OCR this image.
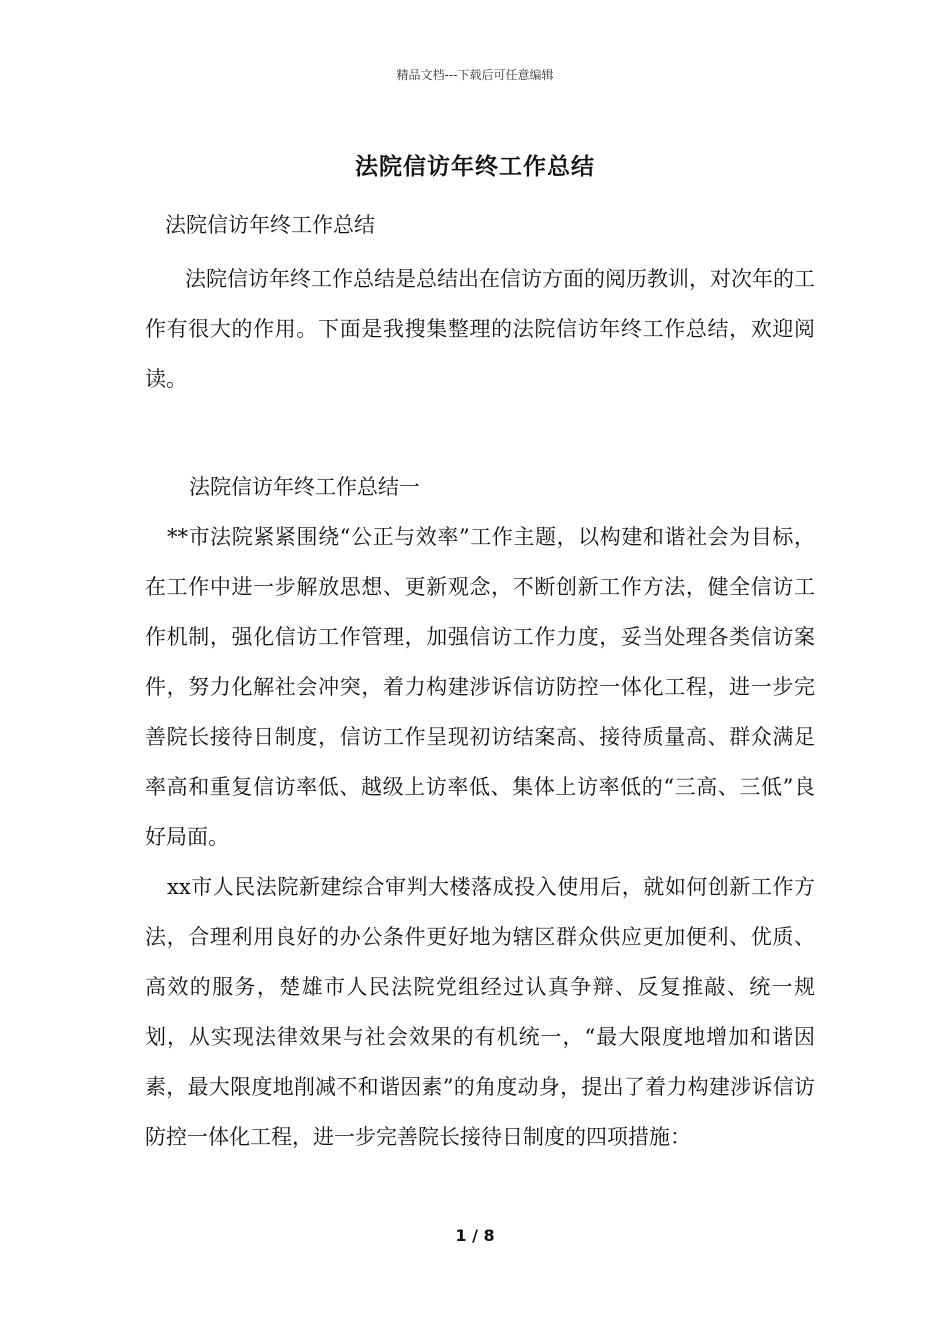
精品文档---下载后可任意编辑
法院信访年终工作总结

法院信访年终工作总结

法院信访年终工作总结是总结出在信访方面的阅历教训，对次年的工作有很大的作用。下面是我搜集整理的法院信访年终工作总结，欢迎阅读。

法院信访年终工作总结一

**市法院紧紧围绕“公正与效率”工作主题，以构建和谐社会为目标，在工作中进一步解放思想、更新观念，不断创新工作方法，健全信访工作机制，强化信访工作管理，加强信访工作力度，妥当处理各类信访案件，努力化解社会冲突，着力构建涉诉信访防控一体化工程，进一步完善院长接待日制度，信访工作呈现初访结案高、接待质量高、群众满足率高和重复信访率低、越级上访率低、集体上访率低的“三高、三低”良好局面。

xx市人民法院新建综合审判大楼落成投入使用后，就如何创新工作方法，合理利用良好的办公条件更好地为辖区群众供应更加便利、优质、高效的服务，楚雄市人民法院党组经过认真争辩、反复推敲、统一规划，从实现法律效果与社会效果的有机统一，“最大限度地增加和谐因素，最大限度地削减不和谐因素”的角度动身，提出了着力构建涉诉信访防控一体化工程，进一步完善院长接待日制度的四项措施：

1 / 8
